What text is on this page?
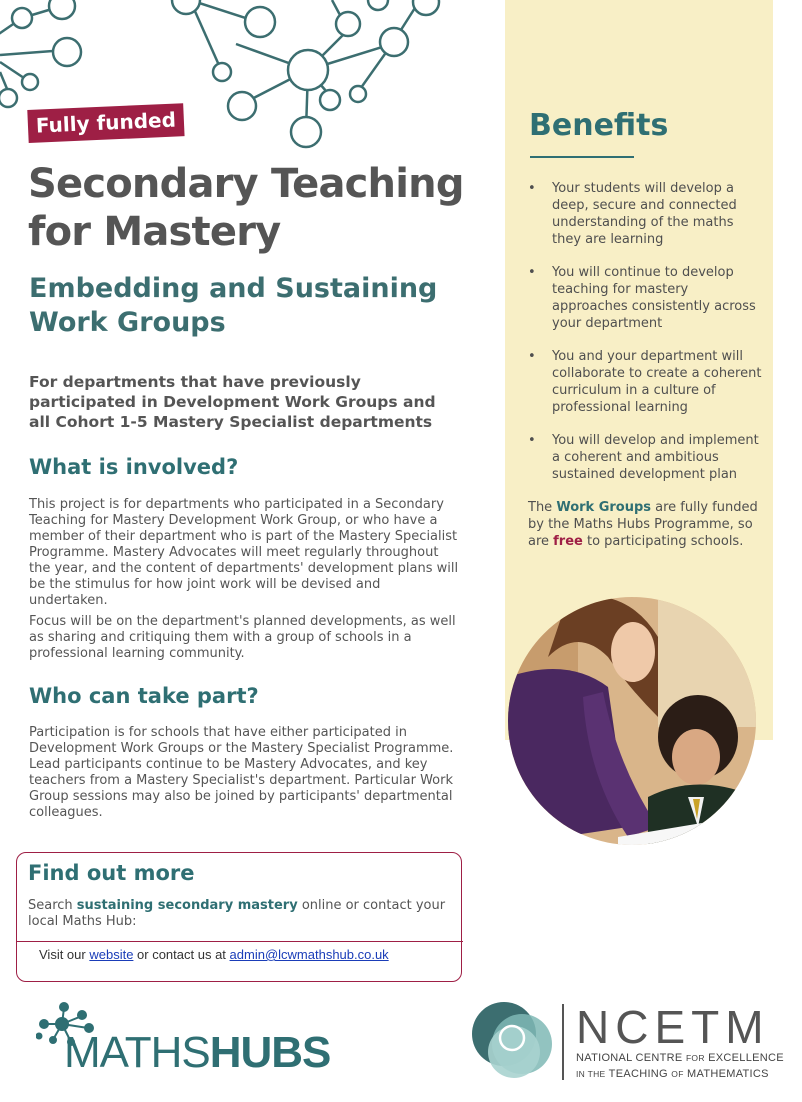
Fully funded
Secondary Teaching for Mastery
Embedding and Sustaining Work Groups

For departments that have previously participated in Development Work Groups and all Cohort 1-5 Mastery Specialist departments

What is involved?

This project is for departments who participated in a Secondary Teaching for Mastery Development Work Group, or who have a member of their department who is part of the Mastery Specialist Programme. Mastery Advocates will meet regularly throughout the year, and the content of departments' development plans will be the stimulus for how joint work will be devised and undertaken.

Focus will be on the department's planned developments, as well as sharing and critiquing them with a group of schools in a professional learning community.

Who can take part?

Participation is for schools that have either participated in Development Work Groups or the Mastery Specialist Programme. Lead participants continue to be Mastery Advocates, and key teachers from a Mastery Specialist's department. Particular Work Group sessions may also be joined by participants' departmental colleagues.

Find out more

Search sustaining secondary mastery online or contact your local Maths Hub:

Visit our website or contact us at admin@lcwmathshub.co.uk

Benefits
• Your students will develop a deep, secure and connected understanding of the maths they are learning
• You will continue to develop teaching for mastery approaches consistently across your department
• You and your department will collaborate to create a coherent curriculum in a culture of professional learning
• You will develop and implement a coherent and ambitious sustained development plan

The Work Groups are fully funded by the Maths Hubs Programme, so are free to participating schools.

MATHSHUBS	NCETM

NATIONAL CENTRE FOR EXCELLENCE

IN THE TEACHING OF MATHEMATICS
